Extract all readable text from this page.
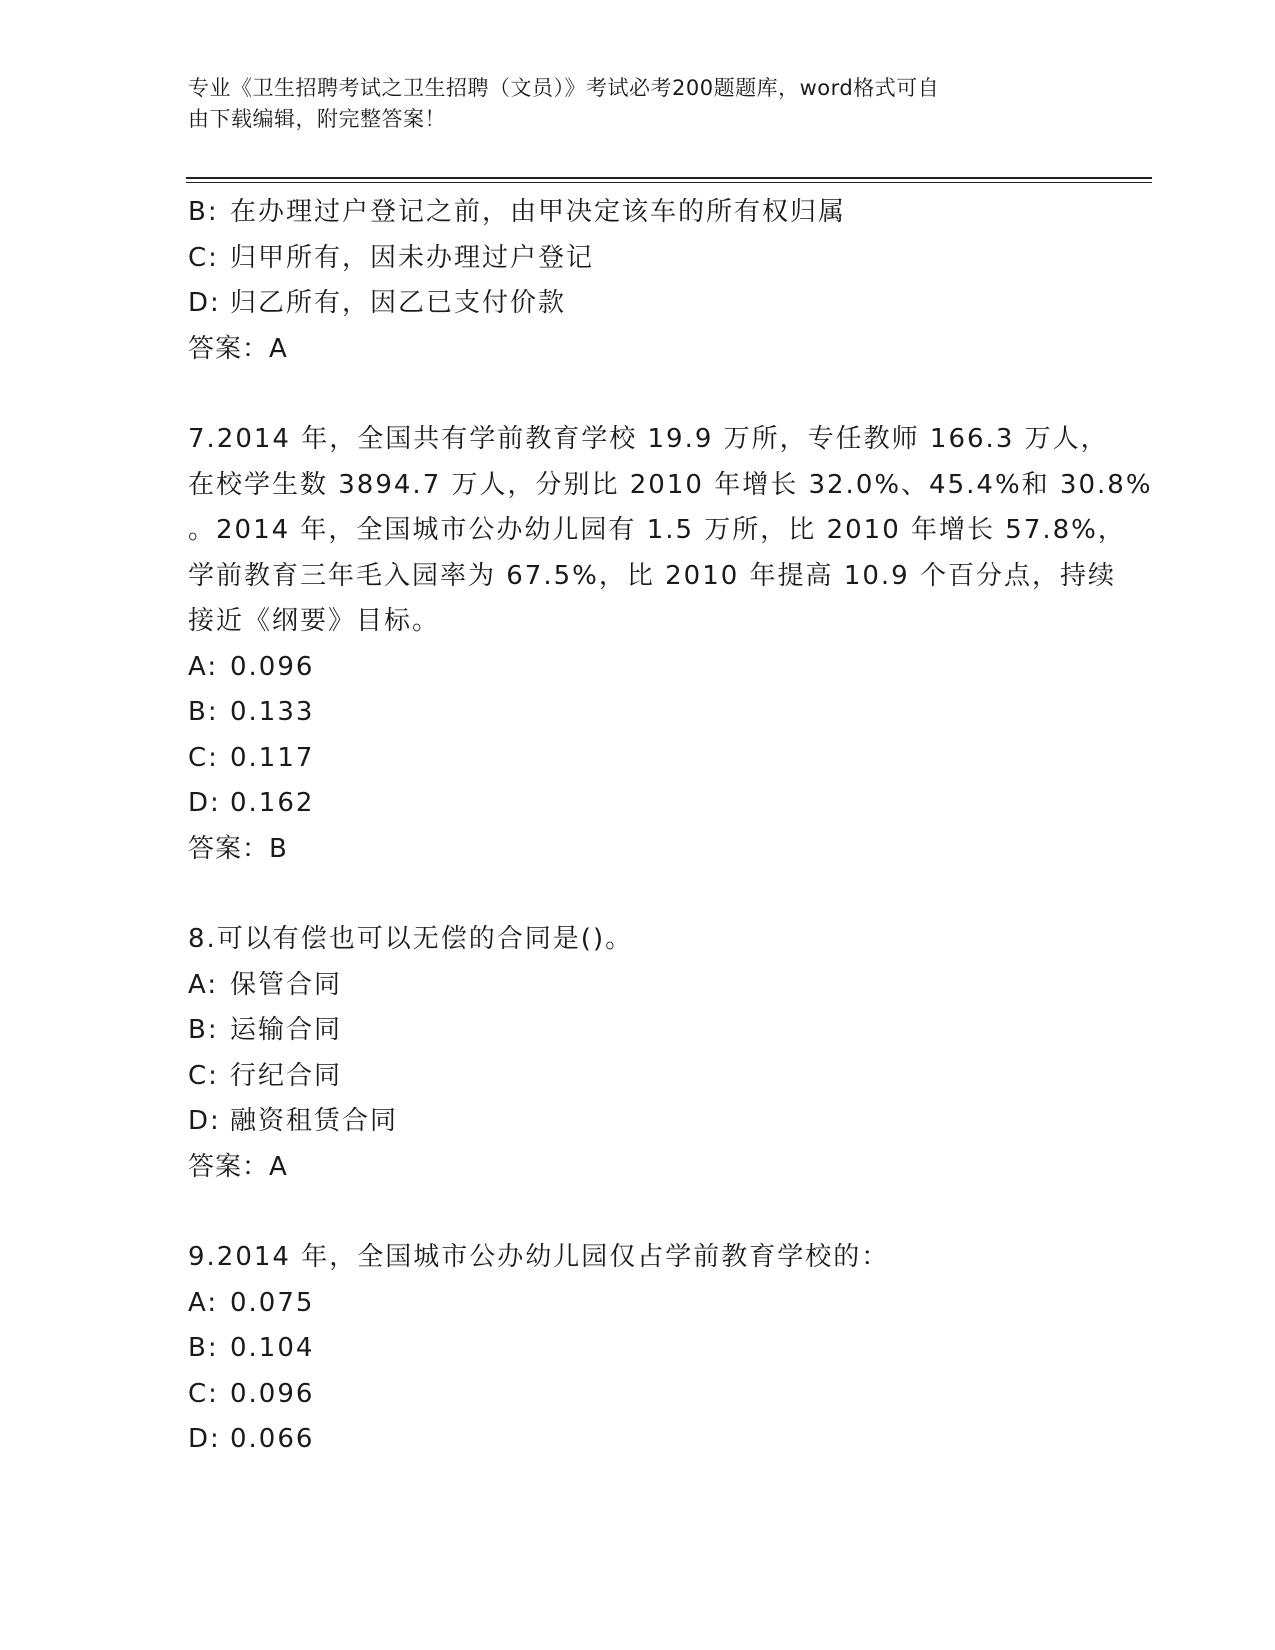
专业《卫生招聘考试之卫生招聘（文员）》考试必考200题题库，word格式可自
由下载编辑，附完整答案！
B: 在办理过户登记之前，由甲决定该车的所有权归属
C: 归甲所有，因未办理过户登记
D: 归乙所有，因乙已支付价款
答案：A
7.2014 年，全国共有学前教育学校 19.9 万所，专任教师 166.3 万人，
在校学生数 3894.7 万人，分别比 2010 年增长 32.0%、45.4%和 30.8%
。2014 年，全国城市公办幼儿园有 1.5 万所，比 2010 年增长 57.8%，
学前教育三年毛入园率为 67.5%，比 2010 年提高 10.9 个百分点，持续
接近《纲要》目标。
A: 0.096
B: 0.133
C: 0.117
D: 0.162
答案：B
8.可以有偿也可以无偿的合同是()。
A: 保管合同
B: 运输合同
C: 行纪合同
D: 融资租赁合同
答案：A
9.2014 年，全国城市公办幼儿园仅占学前教育学校的：
A: 0.075
B: 0.104
C: 0.096
D: 0.066
